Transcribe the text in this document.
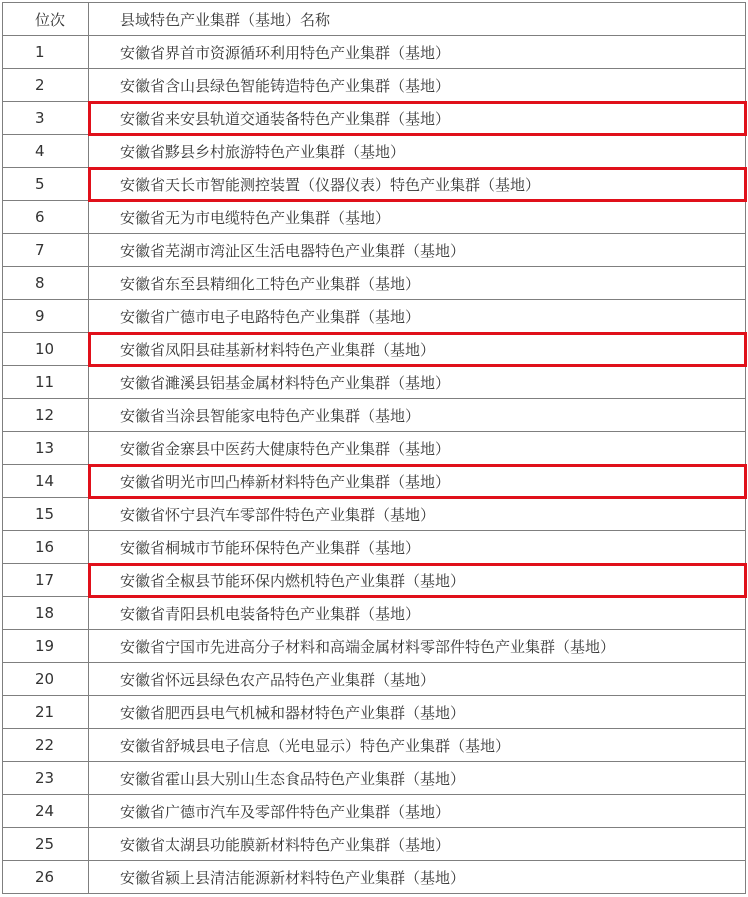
位次	县域特色产业集群（基地）名称
1	安徽省界首市资源循环利用特色产业集群（基地）
2	安徽省含山县绿色智能铸造特色产业集群（基地）
3	安徽省来安县轨道交通装备特色产业集群（基地）
4	安徽省黟县乡村旅游特色产业集群（基地）
5	安徽省天长市智能测控装置（仪器仪表）特色产业集群（基地）
6	安徽省无为市电缆特色产业集群（基地）
7	安徽省芜湖市湾沚区生活电器特色产业集群（基地）
8	安徽省东至县精细化工特色产业集群（基地）
9	安徽省广德市电子电路特色产业集群（基地）
10	安徽省凤阳县硅基新材料特色产业集群（基地）
11	安徽省濉溪县铝基金属材料特色产业集群（基地）
12	安徽省当涂县智能家电特色产业集群（基地）
13	安徽省金寨县中医药大健康特色产业集群（基地）
14	安徽省明光市凹凸棒新材料特色产业集群（基地）
15	安徽省怀宁县汽车零部件特色产业集群（基地）
16	安徽省桐城市节能环保特色产业集群（基地）
17	安徽省全椒县节能环保内燃机特色产业集群（基地）
18	安徽省青阳县机电装备特色产业集群（基地）
19	安徽省宁国市先进高分子材料和高端金属材料零部件特色产业集群（基地）
20	安徽省怀远县绿色农产品特色产业集群（基地）
21	安徽省肥西县电气机械和器材特色产业集群（基地）
22	安徽省舒城县电子信息（光电显示）特色产业集群（基地）
23	安徽省霍山县大别山生态食品特色产业集群（基地）
24	安徽省广德市汽车及零部件特色产业集群（基地）
25	安徽省太湖县功能膜新材料特色产业集群（基地）
26	安徽省颍上县清洁能源新材料特色产业集群（基地）
